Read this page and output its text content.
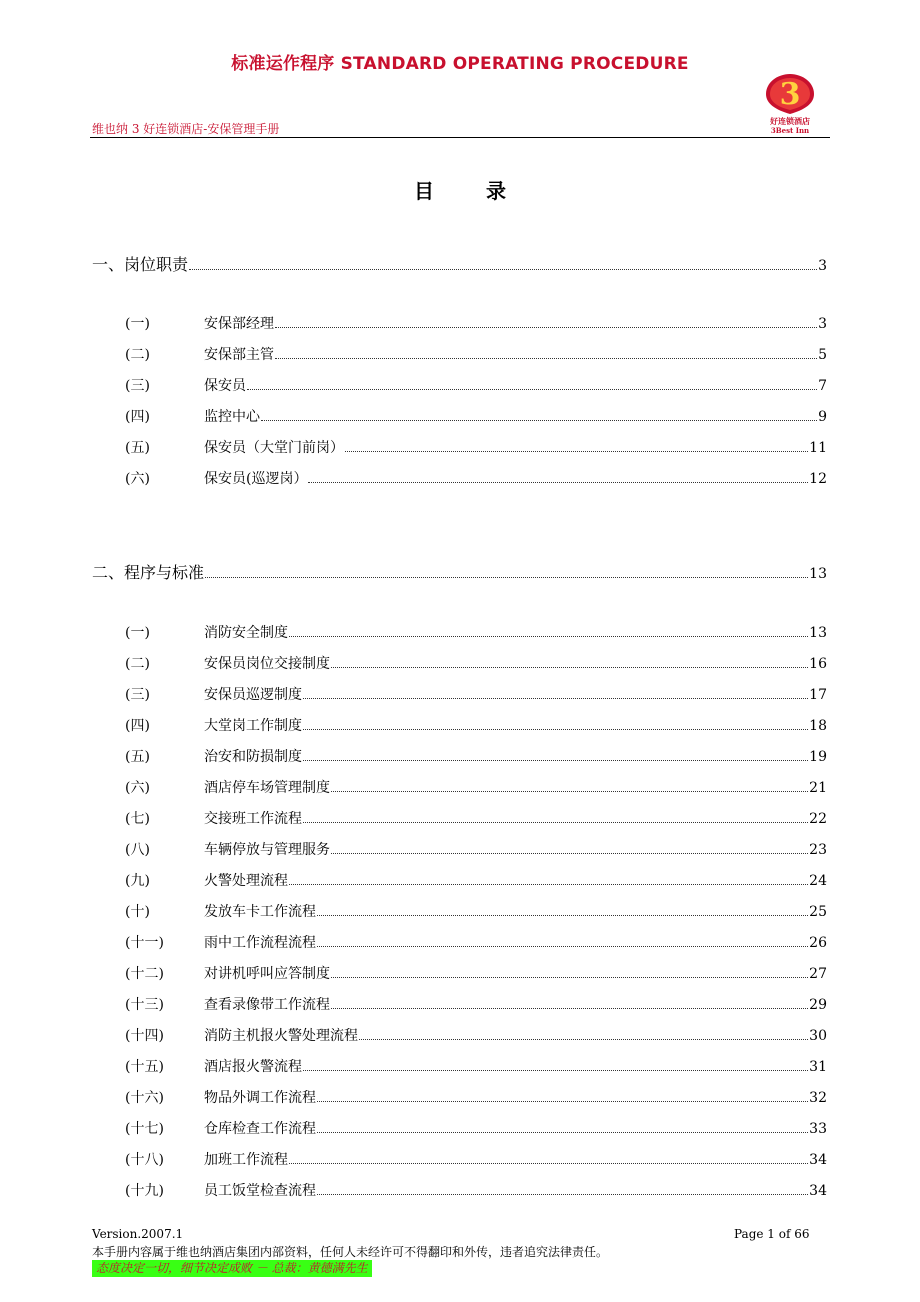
标准运作程序 STANDARD OPERATING PROCEDURE
3
好连锁酒店
3Best Inn
维也纳 3 好连锁酒店-安保管理手册
目　录
一、岗位职责	3
(一)	安保部经理	3
(二)	安保部主管	5
(三)	保安员	7
(四)	监控中心	9
(五)	保安员（大堂门前岗）	11
(六)	保安员(巡逻岗）	12
二、程序与标准	13
(一)	消防安全制度	13
(二)	安保员岗位交接制度	16
(三)	安保员巡逻制度	17
(四)	大堂岗工作制度	18
(五)	治安和防损制度	19
(六)	酒店停车场管理制度	21
(七)	交接班工作流程	22
(八)	车辆停放与管理服务	23
(九)	火警处理流程	24
(十)	发放车卡工作流程	25
(十一)	雨中工作流程流程	26
(十二)	对讲机呼叫应答制度	27
(十三)	查看录像带工作流程	29
(十四)	消防主机报火警处理流程	30
(十五)	酒店报火警流程	31
(十六)	物品外调工作流程	32
(十七)	仓库检查工作流程	33
(十八)	加班工作流程	34
(十九)	员工饭堂检查流程	34
Version.2007.1	Page 1 of 66
本手册内容属于维也纳酒店集团内部资料，任何人未经许可不得翻印和外传，违者追究法律责任。
态度决定一切，细节决定成败 － 总裁：黄德满先生
